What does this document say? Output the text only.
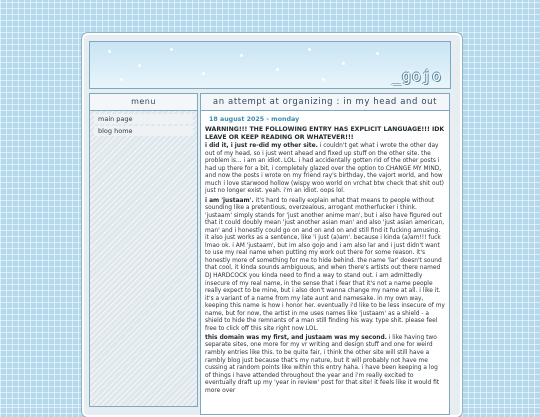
_gojo
menu
main page
blog home
an attempt at organizing : in my head and out
18 august 2025 - monday
WARNING!!! THE FOLLOWING ENTRY HAS EXPLICIT LANGUAGE!!! IDK LEAVE OR KEEP READING OR WHATEVER!!!

i did it, i just re-did my other site. i couldn't get what i wrote the other day out of my head, so i just went ahead and fixed up stuff on the other site. the problem is... i am an idiot. LOL. i had accidentally gotten rid of the other posts i had up there for a bit, i completely glazed over the option to CHANGE MY MIND, and now the posts i wrote on my friend ray's birthday, the vajort world, and how much i love starwood hollow (wispy woo world on vrchat btw check that shit out) just no longer exist. yeah. i'm an idiot. oops lol.

i am 'justaam'. it's hard to really explain what that means to people without sounding like a pretentious, overzealous, arrogant motherfucker i think. 'justaam' simply stands for 'just another anime man', but i also have figured out that it could doubly mean 'just another asian man' and also 'just asian american, man' and i honestly could go on and on and on and still find it fucking amusing. it also just works as a sentence, like 'i just (a)am'. because i kinda (a)am!!! fuck lmao ok. i AM 'justaam', but im also gojo and i am also lar and i just didn't want to use my real name when putting my work out there for some reason. it's honestly more of something for me to hide behind. the name 'lar' doesn't sound that cool, it kinda sounds ambiguous, and when there's artists out there named DJ HARDCOCK you kinda need to find a way to stand out. i am admittedly insecure of my real name, in the sense that i fear that it's not a name people really expect to be mine, but i also don't wanna change my name at all. i like it. it's a variant of a name from my late aunt and namesake. in my own way, keeping this name is how i honor her. eventually i'd like to be less insecure of my name, but for now, the artist in me uses names like 'justaam' as a shield - a shield to hide the remnants of a man still finding his way. type shit. please feel free to click off this site right now LOL.

this domain was my first, and justaam was my second. i like having two separate sites, one more for my vr writing and design stuff and one for weird rambly entries like this. to be quite fair, i think the other site will still have a rambly blog just because that's my nature, but it will probably not have me cussing at random points like within this entry haha. i have been keeping a log of things i have attended throughout the year and i'm really excited to eventually draft up my 'year in review' post for that site! it feels like it would fit more over
